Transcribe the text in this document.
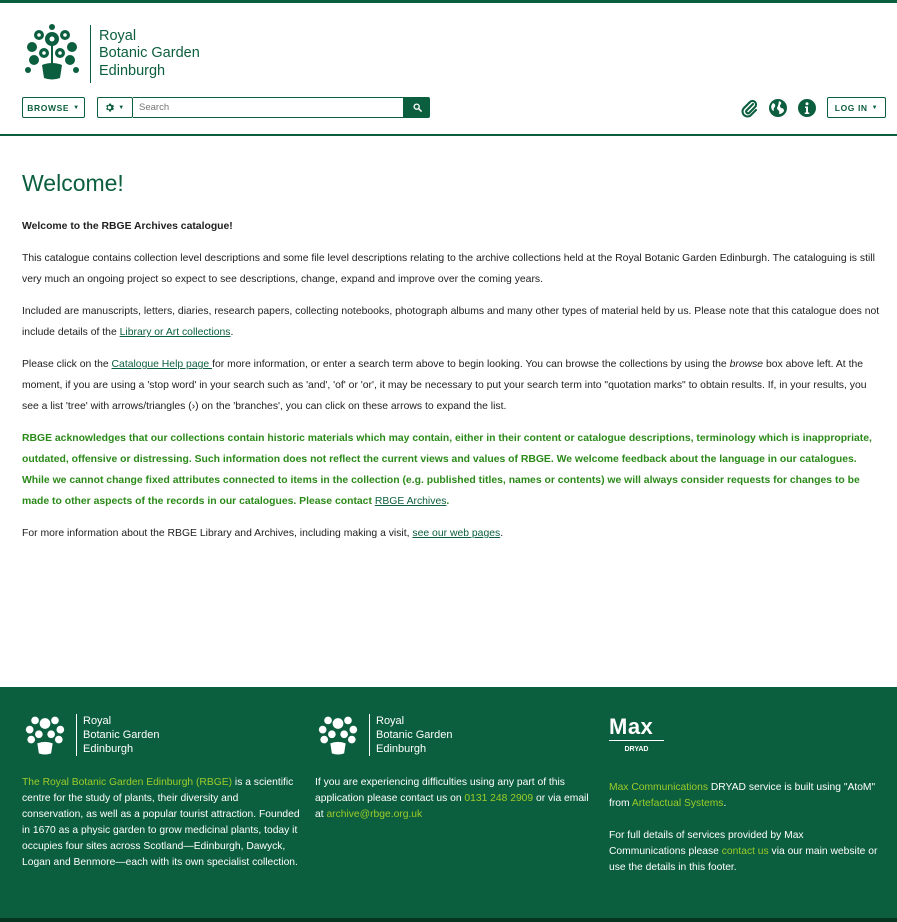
Royal
Botanic Garden
Edinburgh
BROWSE ▼	▼
Search	LOG IN ▼
Welcome!

Welcome to the RBGE Archives catalogue!

This catalogue contains collection level descriptions and some file level descriptions relating to the archive collections held at the Royal Botanic Garden Edinburgh. The cataloguing is still very much an ongoing project so expect to see descriptions, change, expand and improve over the coming years.

Included are manuscripts, letters, diaries, research papers, collecting notebooks, photograph albums and many other types of material held by us. Please note that this catalogue does not include details of the Library or Art collections.

Please click on the Catalogue Help page for more information, or enter a search term above to begin looking. You can browse the collections by using the browse box above left. At the moment, if you are using a 'stop word' in your search such as 'and', 'of' or 'or', it may be necessary to put your search term into "quotation marks" to obtain results. If, in your results, you see a list 'tree' with arrows/triangles (›) on the 'branches', you can click on these arrows to expand the list.

RBGE acknowledges that our collections contain historic materials which may contain, either in their content or catalogue descriptions, terminology which is inappropriate, outdated, offensive or distressing. Such information does not reflect the current views and values of RBGE. We welcome feedback about the language in our catalogues. While we cannot change fixed attributes connected to items in the collection (e.g. published titles, names or contents) we will always consider requests for changes to be made to other aspects of the records in our catalogues. Please contact RBGE Archives.

For more information about the RBGE Library and Archives, including making a visit, see our web pages.

Royal
Botanic Garden
Edinburgh

The Royal Botanic Garden Edinburgh (RBGE) is a scientific centre for the study of plants, their diversity and conservation, as well as a popular tourist attraction. Founded in 1670 as a physic garden to grow medicinal plants, today it occupies four sites across Scotland—Edinburgh, Dawyck, Logan and Benmore—each with its own specialist collection.

Royal
Botanic Garden
Edinburgh

If you are experiencing difficulties using any part of this application please contact us on 0131 248 2909 or via email at archive@rbge.org.uk

Max
DRYAD

Max Communications DRYAD service is built using "AtoM" from Artefactual Systems.

For full details of services provided by Max Communications please contact us via our main website or use the details in this footer.
